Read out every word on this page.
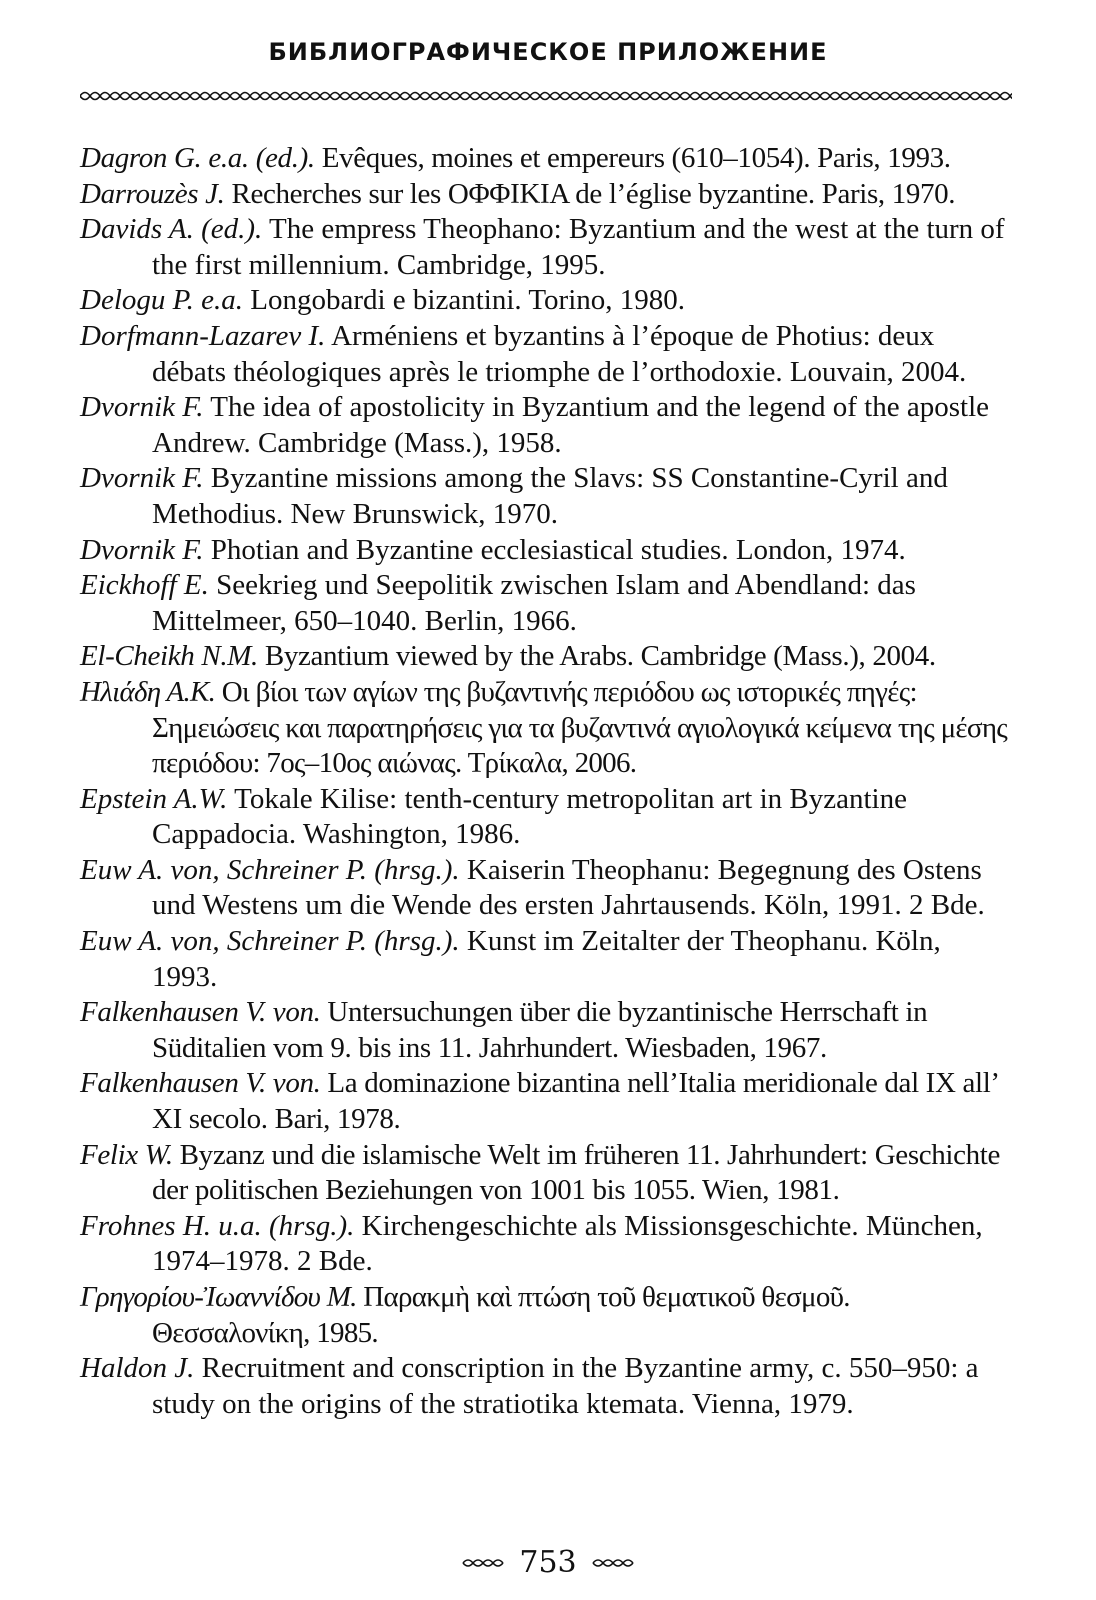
БИБЛИОГРАФИЧЕСКОЕ ПРИЛОЖЕНИЕ

Dagron G. e.a. (ed.). Evêques, moines et empereurs (610–1054). Paris, 1993.

Darrouzès J. Recherches sur les ΟΦΦΙΚΙΑ de l’église byzantine. Paris, 1970.

Davids A. (ed.). The empress Theophano: Byzantium and the west at the turn of the first millennium. Cambridge, 1995.

Delogu P. e.a. Longobardi e bizantini. Torino, 1980.

Dorfmann-Lazarev I. Arméniens et byzantins à l’époque de Photius: deux débats théologiques après le triomphe de l’orthodoxie. Louvain, 2004.

Dvornik F. The idea of apostolicity in Byzantium and the legend of the apostle Andrew. Cambridge (Mass.), 1958.

Dvornik F. Byzantine missions among the Slavs: SS Constantine-Cyril and Methodius. New Brunswick, 1970.

Dvornik F. Photian and Byzantine ecclesiastical studies. London, 1974.

Eickhoff E. Seekrieg und Seepolitik zwischen Islam and Abendland: das Mittelmeer, 650–1040. Berlin, 1966.

El-Cheikh N.M. Byzantium viewed by the Arabs. Cambridge (Mass.), 2004.

Ηλιάδη Α.Κ. Οι βίοι των αγίων της βυζαντινής περιόδου ως ιστορικές πηγές: Σημειώσεις και παρατηρήσεις για τα βυζαντινά αγιολογικά κείμενα της μέσης περιόδου: 7ος–10ος αιώνας. Τρίκαλα, 2006.

Epstein A.W. Tokale Kilise: tenth-century metropolitan art in Byzantine Cappadocia. Washington, 1986.

Euw A. von, Schreiner P. (hrsg.). Kaiserin Theophanu: Begegnung des Ostens und Westens um die Wende des ersten Jahrtausends. Köln, 1991. 2 Bde.

Euw A. von, Schreiner P. (hrsg.). Kunst im Zeitalter der Theophanu. Köln, 1993.

Falkenhausen V. von. Untersuchungen über die byzantinische Herrschaft in Süditalien vom 9. bis ins 11. Jahrhundert. Wiesbaden, 1967.

Falkenhausen V. von. La dominazione bizantina nell’Italia meridionale dal IX all’ XI secolo. Bari, 1978.

Felix W. Byzanz und die islamische Welt im früheren 11. Jahrhundert: Geschichte der politischen Beziehungen von 1001 bis 1055. Wien, 1981.

Frohnes H. u.a. (hrsg.). Kirchengeschichte als Missionsgeschichte. München, 1974–1978. 2 Bde.

Γρηγορίου-Ἰωαννίδου Μ. Παρακμὴ καὶ πτώση τοῦ θεματικοῦ θεσμοῦ. Θεσσαλονίκη, 1985.

Haldon J. Recruitment and conscription in the Byzantine army, c. 550–950: a study on the origins of the stratiotika ktemata. Vienna, 1979.

753
